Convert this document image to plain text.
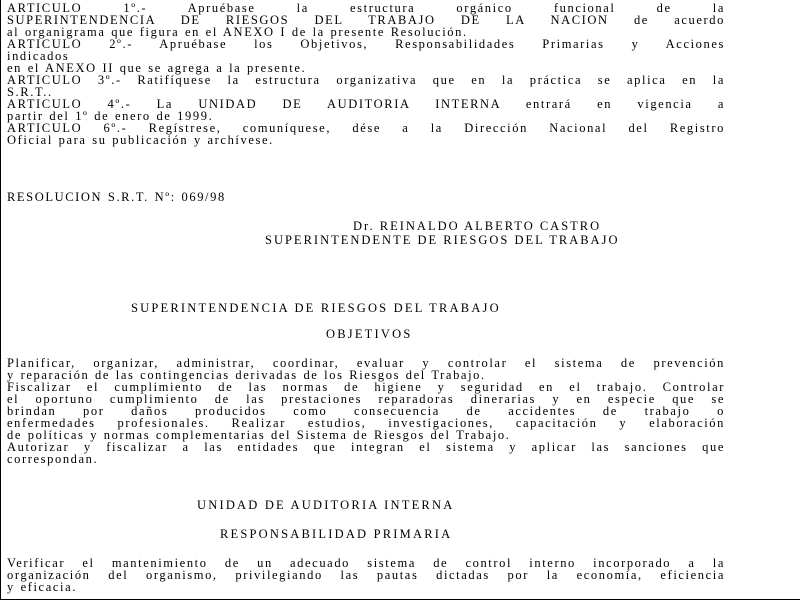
ARTICULO 1º.- Apruébase la estructura orgánico funcional de la
SUPERINTENDENCIA DE RIESGOS DEL TRABAJO DE LA NACION de acuerdo
al organigrama que figura en el ANEXO I de la presente Resolución.
ARTICULO 2º.- Apruébase los Objetivos, Responsabilidades Primarias y Acciones
indicados
en el ANEXO II que se agrega a la presente.
ARTICULO 3º.- Ratifíquese la estructura organizativa que en la práctica se aplica en la
S.R.T..
ARTICULO 4º.- La UNIDAD DE AUDITORIA INTERNA entrará en vigencia a
partir del 1º de enero de 1999.
ARTICULO 6º.- Regístrese, comuníquese, dése a la Dirección Nacional del Registro
Oficial para su publicación y archívese.
RESOLUCION S.R.T. Nº: 069/98
Dr. REINALDO ALBERTO CASTRO
SUPERINTENDENTE DE RIESGOS DEL TRABAJO
SUPERINTENDENCIA DE RIESGOS DEL TRABAJO
OBJETIVOS
Planificar, organizar, administrar, coordinar, evaluar y controlar el sistema de prevención
y reparación de las contingencias derivadas de los Riesgos del Trabajo.
Fiscalizar el cumplimiento de las normas de higiene y seguridad en el trabajo. Controlar
el oportuno cumplimiento de las prestaciones reparadoras dinerarias y en especie que se
brindan por daños producidos como consecuencia de accidentes de trabajo o
enfermedades profesionales. Realizar estudios, investigaciones, capacitación y elaboración
de políticas y normas complementarias del Sistema de Riesgos del Trabajo.
Autorizar y fiscalizar a las entidades que integran el sistema y aplicar las sanciones que
correspondan.
UNIDAD DE AUDITORIA INTERNA
RESPONSABILIDAD PRIMARIA
Verificar el mantenimiento de un adecuado sistema de control interno incorporado a la
organización del organismo, privilegiando las pautas dictadas por la economía, eficiencia
y eficacia.
